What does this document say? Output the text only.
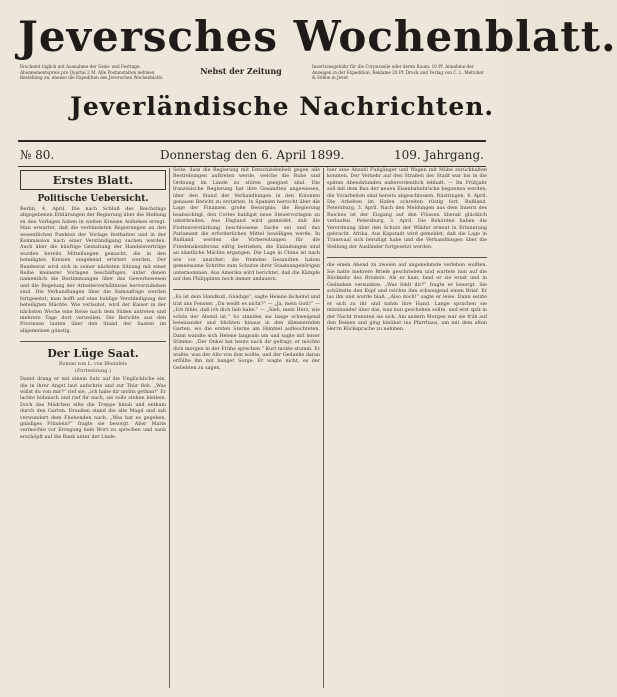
Jeversches Wochenblatt.
Erscheint täglich mit Ausnahme der Sonn- und Festtage. Abonnementspreis pro Quartal 2 M. Alle Postanstalten nehmen Bestellung an, ebenso die Expedition des Jeverschen Wochenblatts.
Nebst der Zeitung	Insertionsgebühr für die Corpuszeile oder deren Raum: 10 Pf. Annahme der Anzeigen in der Expedition; Reklame 20 Pf. Druck und Verlag von C. L. Mettcker & Söhne in Jever.
Jeverländische Nachrichten.
№ 80.	Donnerstag den 6. April 1899.	109. Jahrgang.
Erstes Blatt.
Politische Uebersicht.

Berlin, 4. April. Die nach Schluß des Reichstags abgegebenen Erklärungen der Regierung über die Stellung zu den Vorlagen haben in weiten Kreisen Aufsehen erregt. Man erwartet, daß die verbündeten Regierungen an den wesentlichen Punkten der Vorlage festhalten und in der Kommission nach einer Verständigung suchen werden. Auch über die künftige Gestaltung der Handelsverträge wurden bereits Mitteilungen gemacht, die in den beteiligten Kreisen eingehend erörtert werden. Der Bundesrat wird sich in seiner nächsten Sitzung mit einer Reihe kleinerer Vorlagen beschäftigen, unter denen namentlich die Bestimmungen über das Gewerbewesen und die Regelung der Arbeiterverhältnisse hervorzuheben sind. Die Verhandlungen über die Samoafrage werden fortgesetzt; man hofft auf eine baldige Verständigung der beteiligten Mächte. Wie verlautet, wird der Kaiser in der nächsten Woche eine Reise nach dem Süden antreten und mehrere Tage dort verweilen. Die Berichte aus den Provinzen lauten über den Stand der Saaten im allgemeinen günstig.

Der Lüge Saat.
Roman von L. von Rheinfels
(Fortsetzung.)

Damit drang er mit einem Satz auf die Unglückliche ein, die in ihrer Angst laut aufschrie und zur Thür floh. „Was willst du von mir?“ rief sie, „ich habe dir nichts gethan!“ Er lachte höhnisch und rief ihr nach, sie solle stehen bleiben. Doch das Mädchen eilte die Treppe hinab und entkam durch den Garten. Draußen stand die alte Magd und sah verwundert dem Fliehenden nach. „Was hat es gegeben, gnädiges Fräulein?“ fragte sie besorgt. Aber Marie vermochte vor Erregung kein Wort zu sprechen und sank erschöpft auf die Bank unter der Linde.

Seite, dass die Regierung mit Entschiedenheit gegen alle Bestrebungen auftreten werde, welche die Ruhe und Ordnung im Lande zu stören geeignet sind. Die französische Regierung hat ihre Gesandten angewiesen, über den Stand der Verhandlungen in den Kolonien genauen Bericht zu erstatten. In Spanien herrscht über die Lage der Finanzen große Besorgnis; die Regierung beabsichtigt, den Cortes baldigst neue Steuervorlagen zu unterbreiten. Aus England wird gemeldet, daß die Flottenverstärkung beschlossene Sache sei und das Parlament die erforderlichen Mittel bewilligen werde. In Rußland werden die Vorbereitungen für die Friedenskonferenz eifrig betrieben; die Einladungen sind an sämtliche Mächte ergangen. Die Lage in China ist nach wie vor unsicher; die fremden Gesandten haben gemeinsame Schritte zum Schutze ihrer Staatsangehörigen unternommen. Aus Amerika wird berichtet, daß die Kämpfe auf den Philippinen noch immer andauern.

„Es ist dein Handkuß, Gnädige“, sagte Helene lächelnd und trat ans Fenster. „Du weißt es nicht?“ — „Ja, mein Gott!“ — „Ich fühle, daß ich dich lieb habe.“ — „Sieh, mein Herz, wie schön der Abend ist.“ So standen sie lange schweigend beieinander und blickten hinaus in den dämmernden Garten, wo die ersten Sterne am Himmel aufleuchteten. Dann wandte sich Helene langsam um und sagte mit leiser Stimme: „Der Onkel hat heute nach dir gefragt; er möchte dich morgen in der Frühe sprechen.“ Kurt nickte stumm. Er wußte, was der Alte von ihm wollte, und der Gedanke daran erfüllte ihn mit banger Sorge. Er wagte nicht, es der Geliebten zu sagen.

hier eine Anzahl Fußgänger und Wagen mit Mühe zurückhalten konnten. Der Verkehr auf den Straßen der Stadt war bis in die späten Abendstunden außerordentlich lebhaft. — Im Frühjahr soll mit dem Bau der neuen Eisenbahnbrücke begonnen werden; die Vorarbeiten sind bereits abgeschlossen. Rüstringen, 4. April. Die Arbeiten im Hafen schreiten rüstig fort. Rußland. Petersburg, 3. April. Nach den Meldungen aus dem Innern des Reiches ist der Eisgang auf den Flüssen überall glücklich verlaufen. Petersburg, 3. April. Die Behörden haben die Verordnung über den Schutz der Wälder erneut in Erinnerung gebracht. Afrika. Aus Kapstadt wird gemeldet, daß die Lage in Transvaal sich beruhigt habe und die Verhandlungen über die Stellung der Ausländer fortgesetzt werden.

die einen Abend zu zweien auf angenehmste verleben wollten. Sie hatte mehrere Briefe geschrieben und wartete nun auf die Rückkehr des Bruders. Als er kam, fand er sie ernst und in Gedanken versunken. „Was fehlt dir?“ fragte er besorgt. Sie schüttelte den Kopf und reichte ihm schweigend einen Brief. Er las ihn und wurde blaß. „Also doch!“ sagte er leise. Dann setzte er sich zu ihr und nahm ihre Hand. Lange sprachen sie miteinander über das, was nun geschehen sollte, und erst spät in der Nacht trennten sie sich. Am andern Morgen war sie früh auf den Beinen und ging hinüber ins Pfarrhaus, um mit dem alten Herrn Rücksprache zu nehmen.
